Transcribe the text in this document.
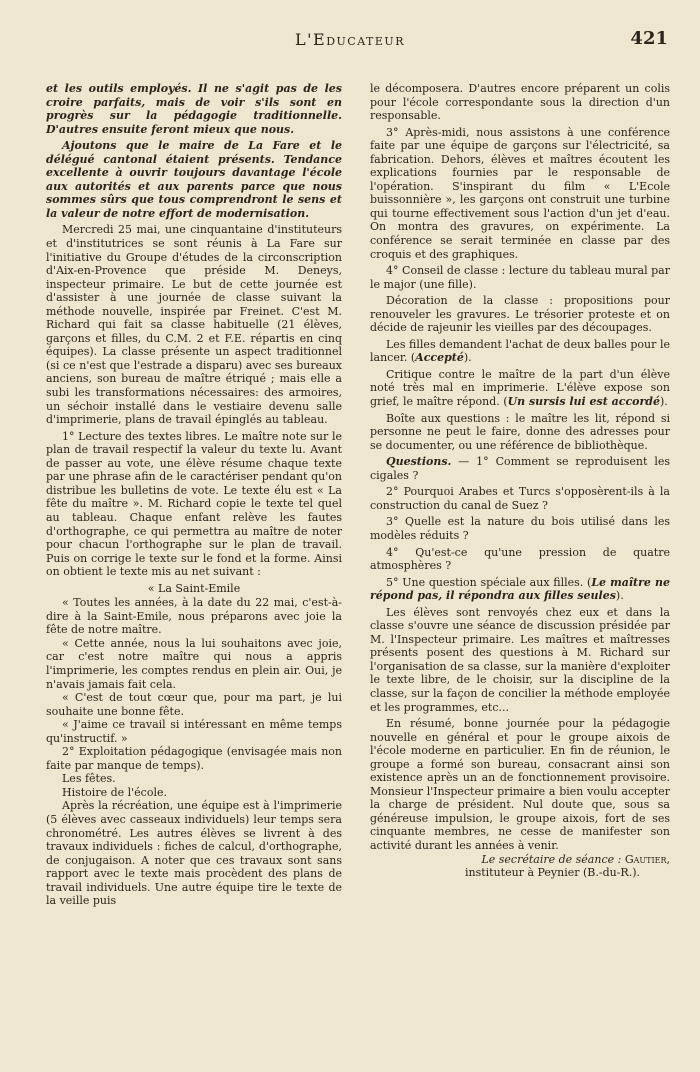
L'Educateur	421

et les outils employés. Il ne s'agit pas de les croire parfaits, mais de voir s'ils sont en progrès sur la pédagogie traditionnelle. D'autres ensuite feront mieux que nous.

Ajoutons que le maire de La Fare et le délégué cantonal étaient présents. Tendance excellente à ouvrir toujours davantage l'école aux autorités et aux parents parce que nous sommes sûrs que tous comprendront le sens et la valeur de notre effort de modernisation.

Mercredi 25 mai, une cinquantaine d'instituteurs et d'institutrices se sont réunis à La Fare sur l'initiative du Groupe d'études de la circonscription d'Aix-en-Provence que préside M. Deneys, inspecteur primaire. Le but de cette journée est d'assister à une journée de classe suivant la méthode nouvelle, inspirée par Freinet. C'est M. Richard qui fait sa classe habituelle (21 élèves, garçons et filles, du C.M. 2 et F.E. répartis en cinq équipes). La classe présente un aspect traditionnel (si ce n'est que l'estrade a disparu) avec ses bureaux anciens, son bureau de maître étriqué ; mais elle a subi les transformations nécessaires: des armoires, un séchoir installé dans le vestiaire devenu salle d'imprimerie, plans de travail épinglés au tableau.

1° Lecture des textes libres. Le maître note sur le plan de travail respectif la valeur du texte lu. Avant de passer au vote, une élève résume chaque texte par une phrase afin de le caractériser pendant qu'on distribue les bulletins de vote. Le texte élu est « La fête du maître ». M. Richard copie le texte tel quel au tableau. Chaque enfant relève les fautes d'orthographe, ce qui permettra au maître de noter pour chacun l'orthographe sur le plan de travail. Puis on corrige le texte sur le fond et la forme. Ainsi on obtient le texte mis au net suivant :

« La Saint-Emile

« Toutes les années, à la date du 22 mai, c'est-à-dire à la Saint-Emile, nous préparons avec joie la fête de notre maître.

« Cette année, nous la lui souhaitons avec joie, car c'est notre maître qui nous a appris l'imprimerie, les comptes rendus en plein air. Oui, je n'avais jamais fait cela.

« C'est de tout cœur que, pour ma part, je lui souhaite une bonne fête.

« J'aime ce travail si intéressant en même temps qu'instructif. »

2° Exploitation pédagogique (envisagée mais non faite par manque de temps).

Les fêtes.

Histoire de l'école.

Après la récréation, une équipe est à l'imprimerie (5 élèves avec casseaux individuels) leur temps sera chronométré. Les autres élèves se livrent à des travaux individuels : fiches de calcul, d'orthographe, de conjugaison. A noter que ces travaux sont sans rapport avec le texte mais procèdent des plans de travail individuels. Une autre équipe tire le texte de la veille puis

le décomposera. D'autres encore préparent un colis pour l'école correspondante sous la direction d'un responsable.

3° Après-midi, nous assistons à une conférence faite par une équipe de garçons sur l'électricité, sa fabrication. Dehors, élèves et maîtres écoutent les explications fournies par le responsable de l'opération. S'inspirant du film « L'Ecole buissonnière », les garçons ont construit une turbine qui tourne effectivement sous l'action d'un jet d'eau. On montra des gravures, on expérimente. La conférence se serait terminée en classe par des croquis et des graphiques.

4° Conseil de classe : lecture du tableau mural par le major (une fille).

Décoration de la classe : propositions pour renouveler les gravures. Le trésorier proteste et on décide de rajeunir les vieilles par des découpages.

Les filles demandent l'achat de deux balles pour le lancer. (Accepté).

Critique contre le maître de la part d'un élève noté très mal en imprimerie. L'élève expose son grief, le maître répond. (Un sursis lui est accordé).

Boîte aux questions : le maître les lit, répond si personne ne peut le faire, donne des adresses pour se documenter, ou une référence de bibliothèque.

Questions. — 1° Comment se reproduisent les cigales ?

2° Pourquoi Arabes et Turcs s'opposèrent-ils à la construction du canal de Suez ?

3° Quelle est la nature du bois utilisé dans les modèles réduits ?

4° Qu'est-ce qu'une pression de quatre atmosphères ?

5° Une question spéciale aux filles. (Le maître ne répond pas, il répondra aux filles seules).

Les élèves sont renvoyés chez eux et dans la classe s'ouvre une séance de discussion présidée par M. l'Inspecteur primaire. Les maîtres et maîtresses présents posent des questions à M. Richard sur l'organisation de sa classe, sur la manière d'exploiter le texte libre, de le choisir, sur la discipline de la classe, sur la façon de concilier la méthode employée et les programmes, etc...

En résumé, bonne journée pour la pédagogie nouvelle en général et pour le groupe aixois de l'école moderne en particulier. En fin de réunion, le groupe a formé son bureau, consacrant ainsi son existence après un an de fonctionnement provisoire. Monsieur l'Inspecteur primaire a bien voulu accepter la charge de président. Nul doute que, sous sa généreuse impulsion, le groupe aixois, fort de ses cinquante membres, ne cesse de manifester son activité durant les années à venir.

Le secrétaire de séance : Gautier,

instituteur à Peynier (B.-du-R.).
